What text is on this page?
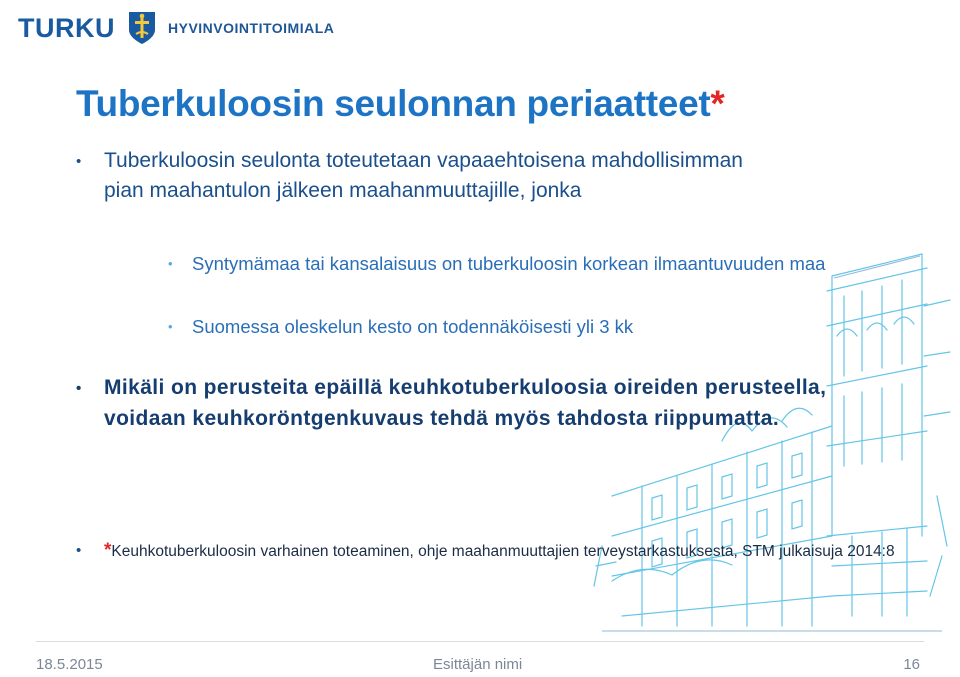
TURKU	HYVINVOINTITOIMIALA
Tuberkuloosin seulonnan periaatteet*
• Tuberkuloosin seulonta toteutetaan vapaaehtoisena mahdollisimman pian maahantulon jälkeen maahanmuuttajille, jonka
• Syntymämaa tai kansalaisuus on tuberkuloosin korkean ilmaantuvuuden maa
• Suomessa oleskelun kesto on todennäköisesti yli 3 kk
• Mikäli on perusteita epäillä keuhkotuberkuloosia oireiden perusteella, voidaan keuhkoröntgenkuvaus tehdä myös tahdosta riippumatta.
• *Keuhkotuberkuloosin varhainen toteaminen, ohje maahanmuuttajien terveystarkastuksesta, STM julkaisuja 2014:8
18.5.2015	Esittäjän nimi	16
